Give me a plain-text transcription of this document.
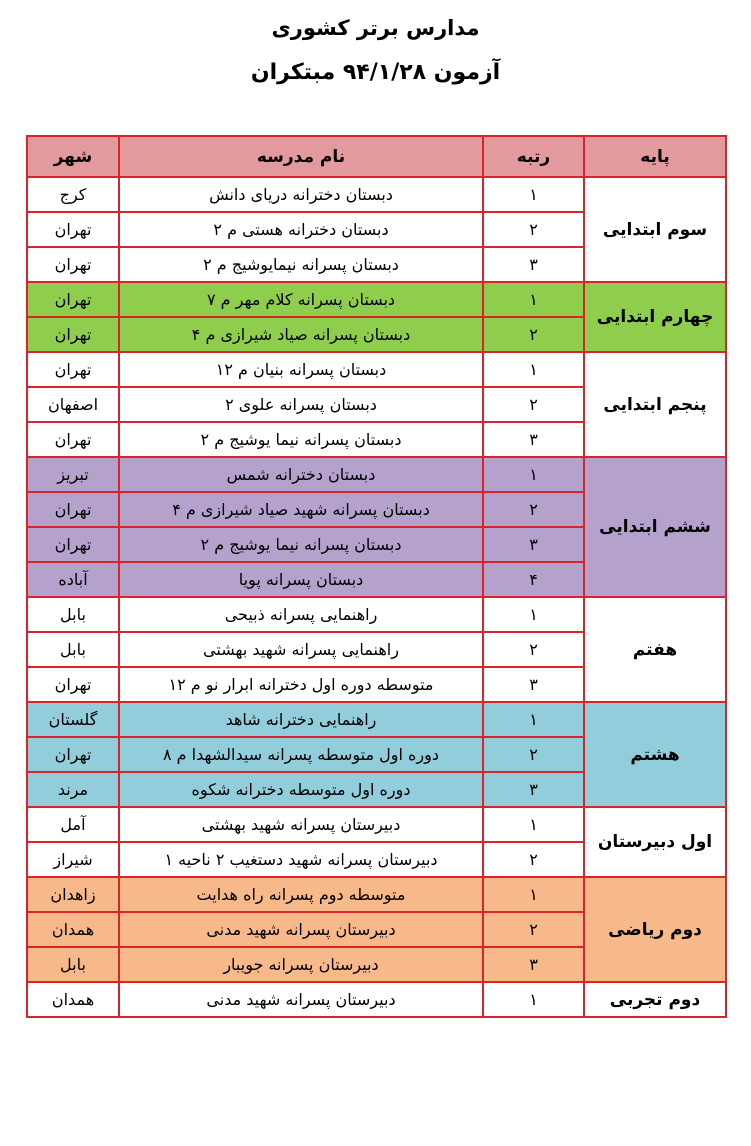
مدارس برتر کشوری
آزمون ۹۴/۱/۲۸ مبتکران
پایه	رتبه	نام مدرسه	شهر
سوم ابتدایی	۱	دبستان دخترانه دریای دانش	کرج
	۲	دبستان دخترانه هستی م ۲	تهران
	۳	دبستان پسرانه نیمایوشیج م ۲	تهران
چهارم ابتدایی	۱	دبستان پسرانه کلام مهر م ۷	تهران
	۲	دبستان پسرانه صیاد شیرازی م ۴	تهران
پنجم ابتدایی	۱	دبستان پسرانه بنیان م ۱۲	تهران
	۲	دبستان پسرانه علوی ۲	اصفهان
	۳	دبستان پسرانه نیما یوشیج م ۲	تهران
ششم ابتدایی	۱	دبستان دخترانه شمس	تبریز
	۲	دبستان پسرانه شهید صیاد شیرازی م ۴	تهران
	۳	دبستان پسرانه نیما یوشیج م ۲	تهران
	۴	دبستان پسرانه پویا	آباده
هفتم	۱	راهنمایی پسرانه ذبیحی	بابل
	۲	راهنمایی پسرانه شهید بهشتی	بابل
	۳	متوسطه دوره اول دخترانه ابرار نو م ۱۲	تهران
هشتم	۱	راهنمایی دخترانه شاهد	گلستان
	۲	دوره اول متوسطه پسرانه سیدالشهدا م ۸	تهران
	۳	دوره اول متوسطه دخترانه شکوه	مرند
اول دبیرستان	۱	دبیرستان پسرانه شهید بهشتی	آمل
	۲	دبیرستان پسرانه شهید دستغیب ۲ ناحیه ۱	شیراز
دوم ریاضی	۱	متوسطه دوم پسرانه راه هدایت	زاهدان
	۲	دبیرستان پسرانه شهید مدنی	همدان
	۳	دبیرستان پسرانه جویبار	بابل
دوم تجربی	۱	دبیرستان پسرانه شهید مدنی	همدان
